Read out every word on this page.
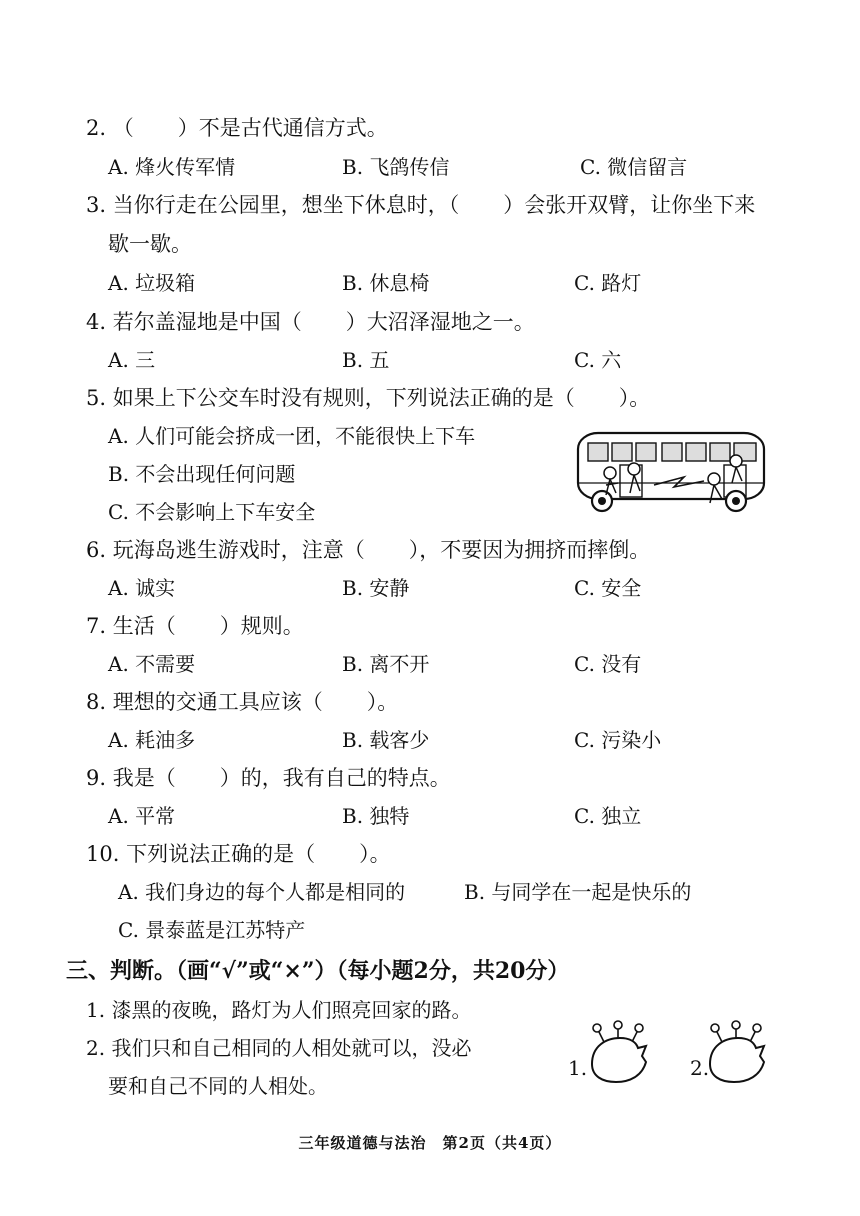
2. （ ）不是古代通信方式。
A. 烽火传军情	B. 飞鸽传信	C. 微信留言
3. 当你行走在公园里，想坐下休息时，（ ）会张开双臂，让你坐下来
歇一歇。
A. 垃圾箱	B. 休息椅	C. 路灯
4. 若尔盖湿地是中国（ ）大沼泽湿地之一。
A. 三	B. 五	C. 六
5. 如果上下公交车时没有规则，下列说法正确的是（ ）。
A. 人们可能会挤成一团，不能很快上下车
B. 不会出现任何问题
C. 不会影响上下车安全
6. 玩海岛逃生游戏时，注意（ ），不要因为拥挤而摔倒。
A. 诚实	B. 安静	C. 安全
7. 生活（ ）规则。
A. 不需要	B. 离不开	C. 没有
8. 理想的交通工具应该（ ）。
A. 耗油多	B. 载客少	C. 污染小
9. 我是（ ）的，我有自己的特点。
A. 平常	B. 独特	C. 独立
10. 下列说法正确的是（ ）。
A. 我们身边的每个人都是相同的	B. 与同学在一起是快乐的
C. 景泰蓝是江苏特产
三、判断。（画“√”或“×”）（每小题2分，共20分）
1. 漆黑的夜晚，路灯为人们照亮回家的路。
2. 我们只和自己相同的人相处就可以，没必
要和自己不同的人相处。
1.	2.
三年级道德与法治　第2页（共4页）
